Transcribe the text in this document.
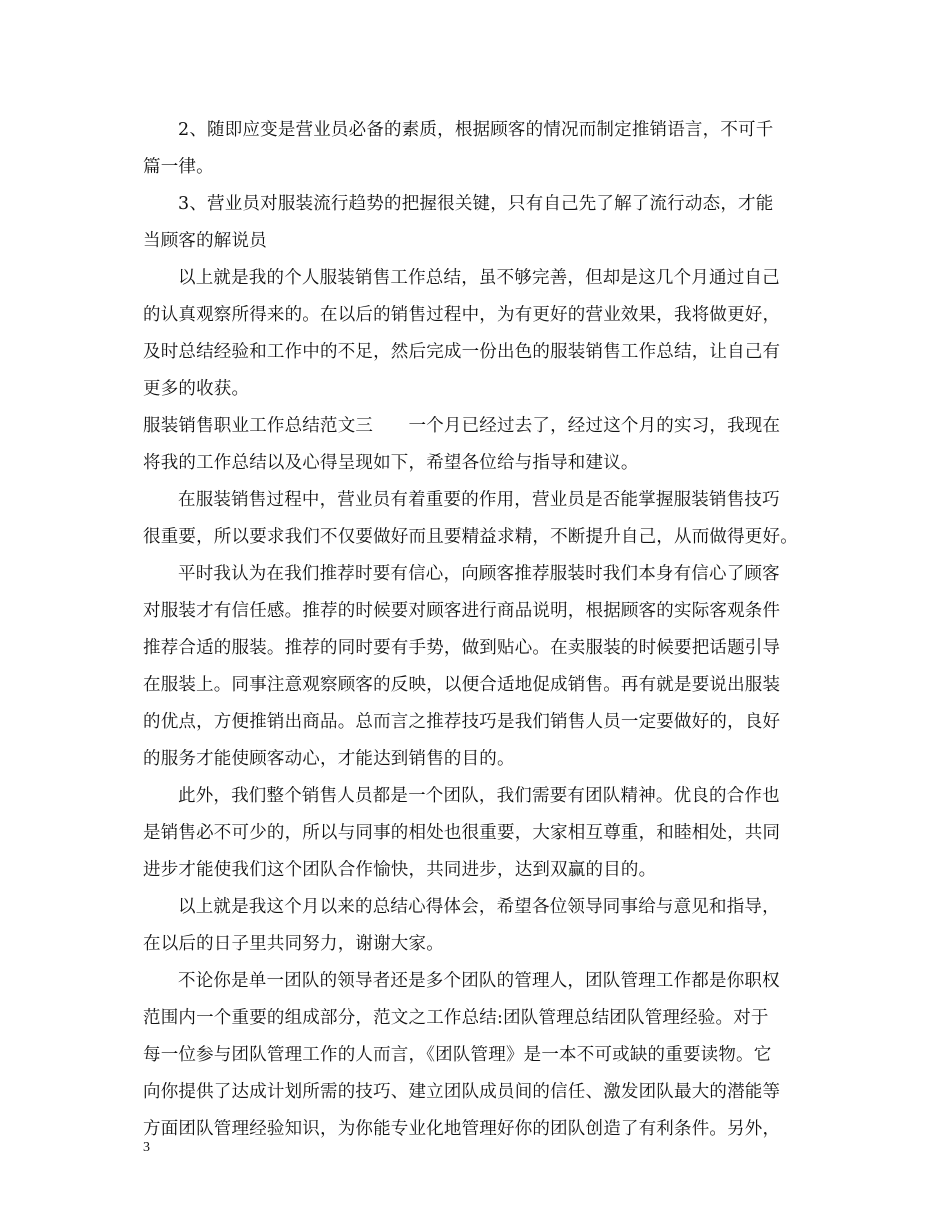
2、随即应变是营业员必备的素质，根据顾客的情况而制定推销语言，不可千
篇一律。
3、营业员对服装流行趋势的把握很关键，只有自己先了解了流行动态，才能
当顾客的解说员
以上就是我的个人服装销售工作总结，虽不够完善，但却是这几个月通过自己
的认真观察所得来的。在以后的销售过程中，为有更好的营业效果，我将做更好，
及时总结经验和工作中的不足，然后完成一份出色的服装销售工作总结，让自己有
更多的收获。
服装销售职业工作总结范文三　　一个月已经过去了，经过这个月的实习，我现在
将我的工作总结以及心得呈现如下，希望各位给与指导和建议。
在服装销售过程中，营业员有着重要的作用，营业员是否能掌握服装销售技巧
很重要，所以要求我们不仅要做好而且要精益求精，不断提升自己，从而做得更好。
平时我认为在我们推荐时要有信心，向顾客推荐服装时我们本身有信心了顾客
对服装才有信任感。推荐的时候要对顾客进行商品说明，根据顾客的实际客观条件
推荐合适的服装。推荐的同时要有手势，做到贴心。在卖服装的时候要把话题引导
在服装上。同事注意观察顾客的反映，以便合适地促成销售。再有就是要说出服装
的优点，方便推销出商品。总而言之推荐技巧是我们销售人员一定要做好的，良好
的服务才能使顾客动心，才能达到销售的目的。
此外，我们整个销售人员都是一个团队，我们需要有团队精神。优良的合作也
是销售必不可少的，所以与同事的相处也很重要，大家相互尊重，和睦相处，共同
进步才能使我们这个团队合作愉快，共同进步，达到双赢的目的。
以上就是我这个月以来的总结心得体会，希望各位领导同事给与意见和指导，
在以后的日子里共同努力，谢谢大家。
不论你是单一团队的领导者还是多个团队的管理人，团队管理工作都是你职权
范围内一个重要的组成部分，范文之工作总结:团队管理总结团队管理经验。对于
每一位参与团队管理工作的人而言，《团队管理》是一本不可或缺的重要读物。它
向你提供了达成计划所需的技巧、建立团队成员间的信任、激发团队最大的潜能等
方面团队管理经验知识，为你能专业化地管理好你的团队创造了有利条件。另外，
3
